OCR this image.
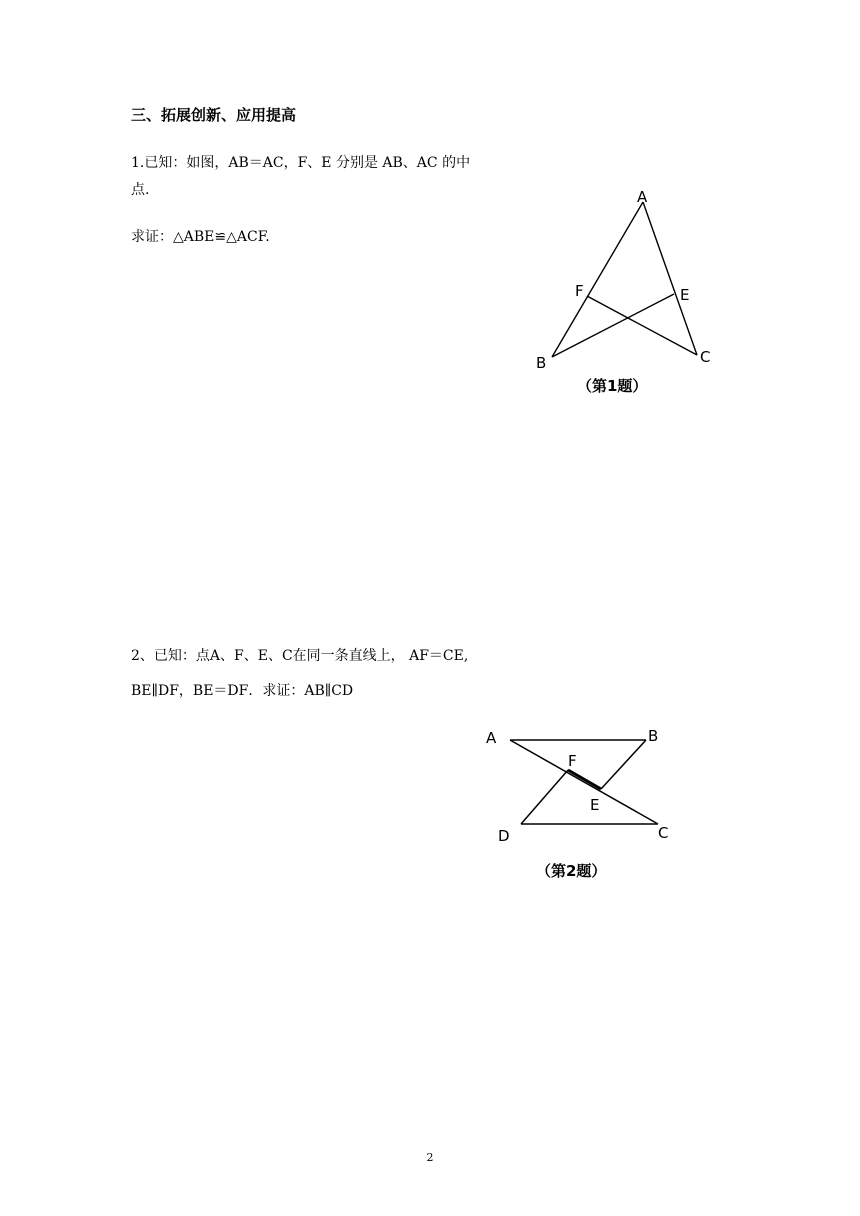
三、拓展创新、应用提高
1.已知：如图，AB＝AC，F、E 分别是 AB、AC 的中
点.
求证：△ABE≌△ACF.
A
B	C
E
F
（第1题）
2、已知：点A、F、E、C在同一条直线上， AF＝CE,
BE∥DF，BE＝DF．求证：AB∥CD
A	B
C
D
E
F
（第2题）
2
